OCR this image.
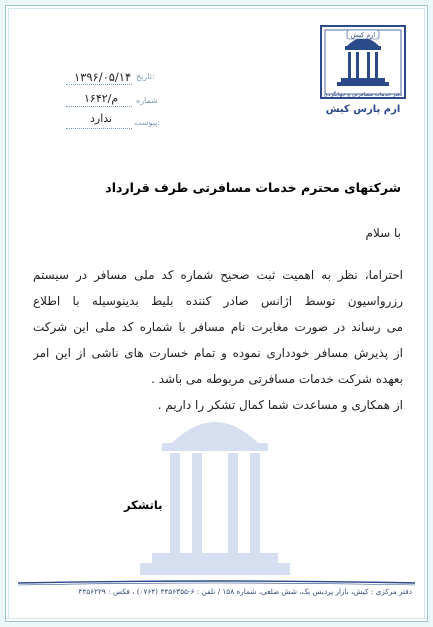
۱۳۹۶/۰۵/۱۴ تاریخ:
۱۶۴۲/م شماره
ندارد	پیوست:
ارم کیش
دفتر خدمات مسافرتی و جهانگردی
ارم پارس کیش
شرکتهای محترم خدمات مسافرتی طرف قرارداد
با سلام
احتراما، نظر به اهمیت ثبت صحیح شماره کد ملی مسافر در سیستم
رزرواسیون توسط اژانس صادر کننده بلیط بدینوسیله با اطلاع
می رساند در صورت مغایرت نام مسافر با شماره کد ملی این شرکت
از پذیرش مسافر خودداری نموده و تمام خسارت های ناشی از این امر
بعهده شرکت خدمات مسافرتی مربوطه می باشد .
از همکاری و مساعدت شما کمال تشکر را داریم .
باتشکر
دفتر مرکزی : کیش، بازار پردیس یک، شش ضلعی، شماره ۱۵۸ / تلفن : ۶-۴۴۵۶۳۵۵ (۰۷۶۴) ، فکس : ۴۴۵۶۲۲۹
